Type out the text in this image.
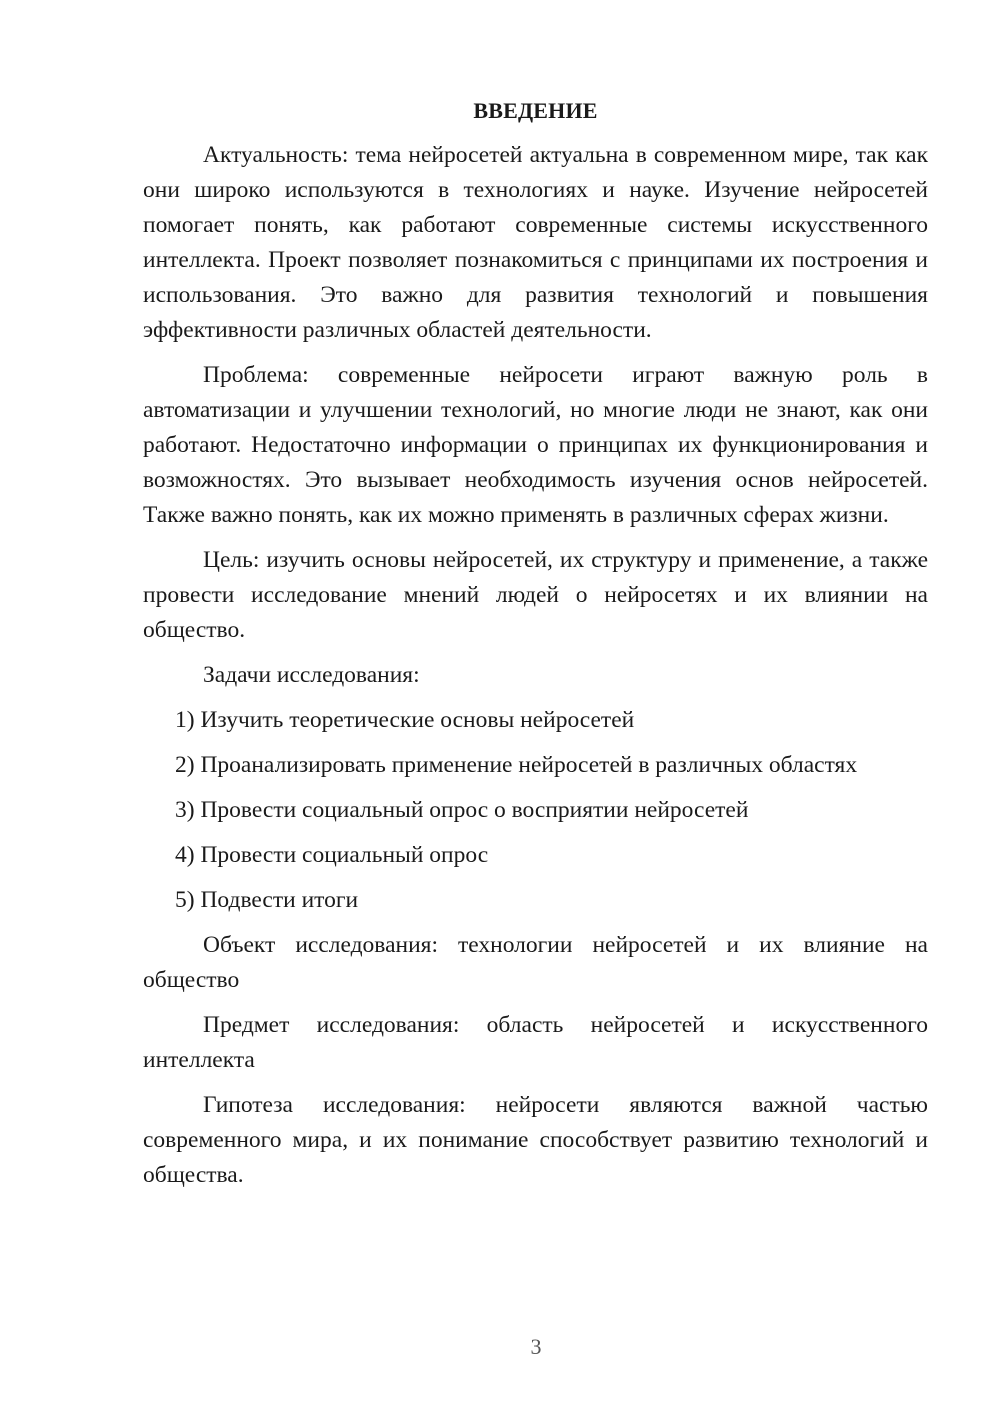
ВВЕДЕНИЕ

Актуальность: тема нейросетей актуальна в современном мире, так как они широко используются в технологиях и науке. Изучение нейросетей помогает понять, как работают современные системы искусственного интеллекта. Проект позволяет познакомиться с принципами их построения и использования. Это важно для развития технологий и повышения эффективности различных областей деятельности.

Проблема: современные нейросети играют важную роль в автоматизации и улучшении технологий, но многие люди не знают, как они работают. Недостаточно информации о принципах их функционирования и возможностях. Это вызывает необходимость изучения основ нейросетей. Также важно понять, как их можно применять в различных сферах жизни.

Цель: изучить основы нейросетей, их структуру и применение, а также провести исследование мнений людей о нейросетях и их влиянии на общество.

Задачи исследования:

1) Изучить теоретические основы нейросетей

2) Проанализировать применение нейросетей в различных областях

3) Провести социальный опрос о восприятии нейросетей

4) Провести социальный опрос

5) Подвести итоги

Объект исследования: технологии нейросетей и их влияние на общество

Предмет исследования: область нейросетей и искусственного интеллекта

Гипотеза исследования: нейросети являются важной частью современного мира, и их понимание способствует развитию технологий и общества.

3
